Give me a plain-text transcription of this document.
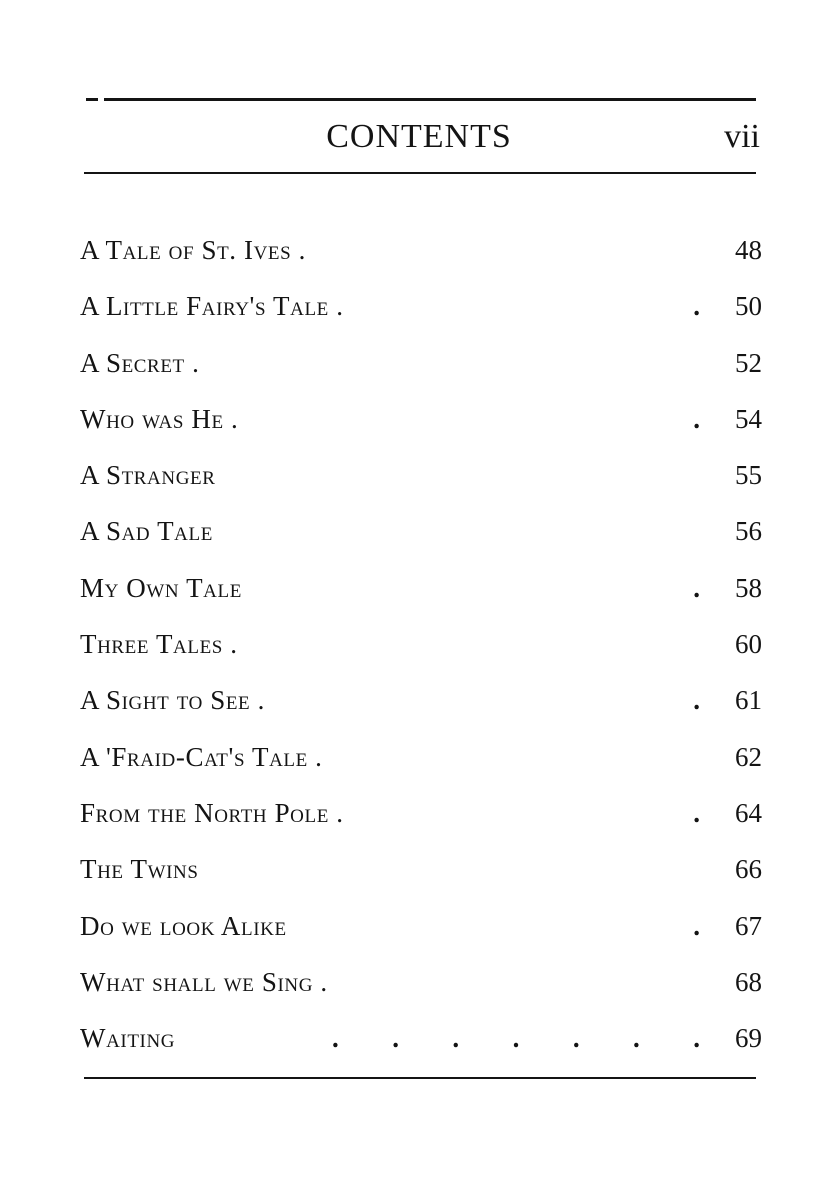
CONTENTS	vii
A Tale of St. Ives .	48
A Little Fairy's Tale .	.	50
A Secret .	52
Who was He .	.	54
A Stranger	55
A Sad Tale	56
My Own Tale	.	58
Three Tales .	60
A Sight to See .	.	61
A 'Fraid-Cat's Tale .	62
From the North Pole .	.	64
The Twins	66
Do we look Alike	.	67
What shall we Sing .	68
Waiting	. . . . . . .	69
